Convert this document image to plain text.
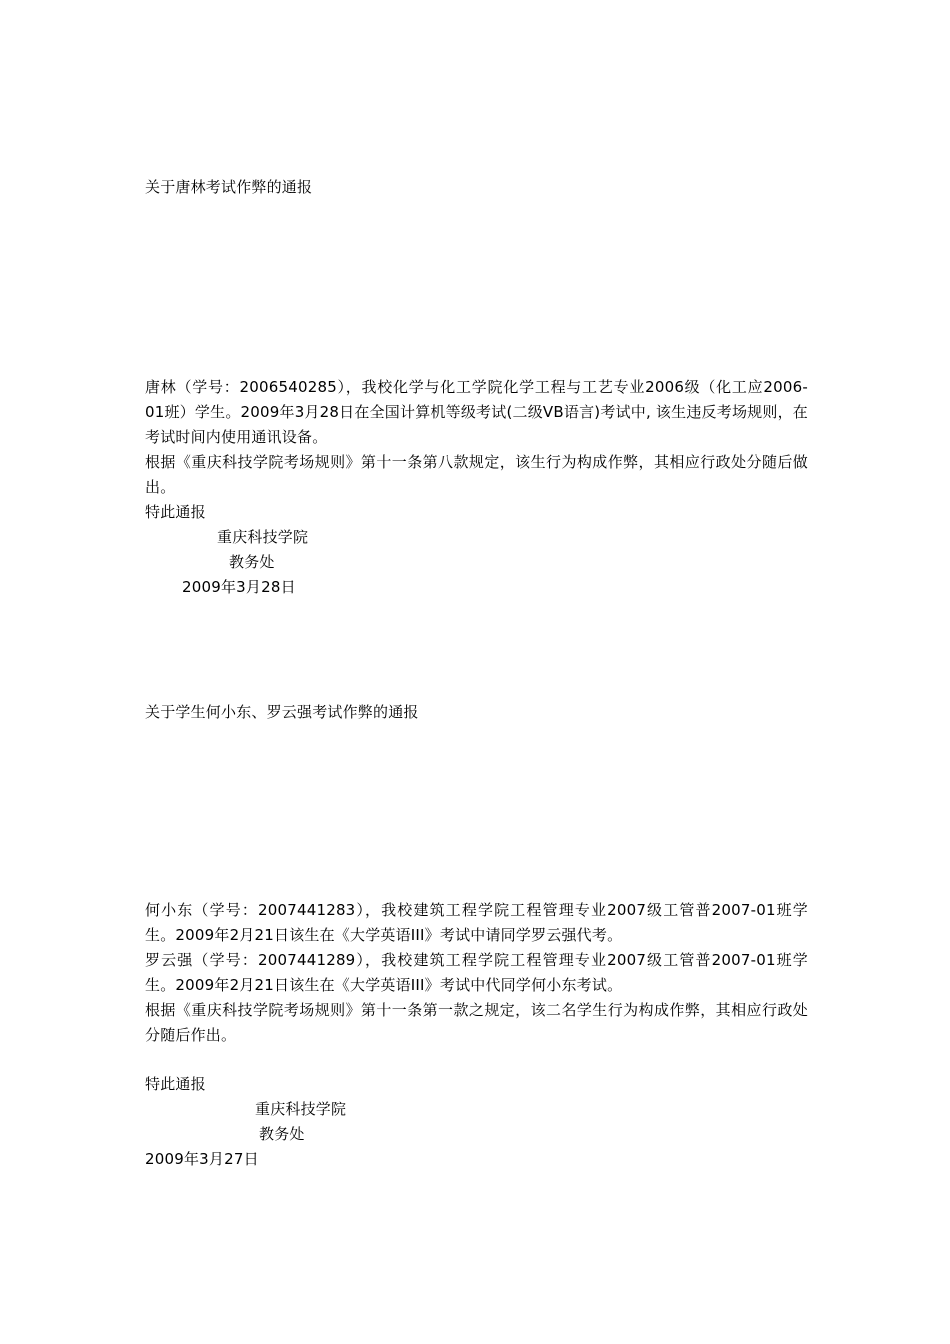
关于唐林考试作弊的通报
唐林（学号：2006540285），我校化学与化工学院化学工程与工艺专业2006级（化工应2006-01班）学生。2009年3月28日在全国计算机等级考试(二级VB语言)考试中, 该生违反考场规则，在考试时间内使用通讯设备。
根据《重庆科技学院考场规则》第十一条第八款规定，该生行为构成作弊，其相应行政处分随后做出。
特此通报
重庆科技学院
教务处
2009年3月28日
关于学生何小东、罗云强考试作弊的通报
何小东（学号：2007441283），我校建筑工程学院工程管理专业2007级工管普2007-01班学生。2009年2月21日该生在《大学英语III》考试中请同学罗云强代考。
罗云强（学号：2007441289），我校建筑工程学院工程管理专业2007级工管普2007-01班学生。2009年2月21日该生在《大学英语III》考试中代同学何小东考试。
根据《重庆科技学院考场规则》第十一条第一款之规定，该二名学生行为构成作弊，其相应行政处分随后作出。
特此通报
重庆科技学院
教务处
2009年3月27日
